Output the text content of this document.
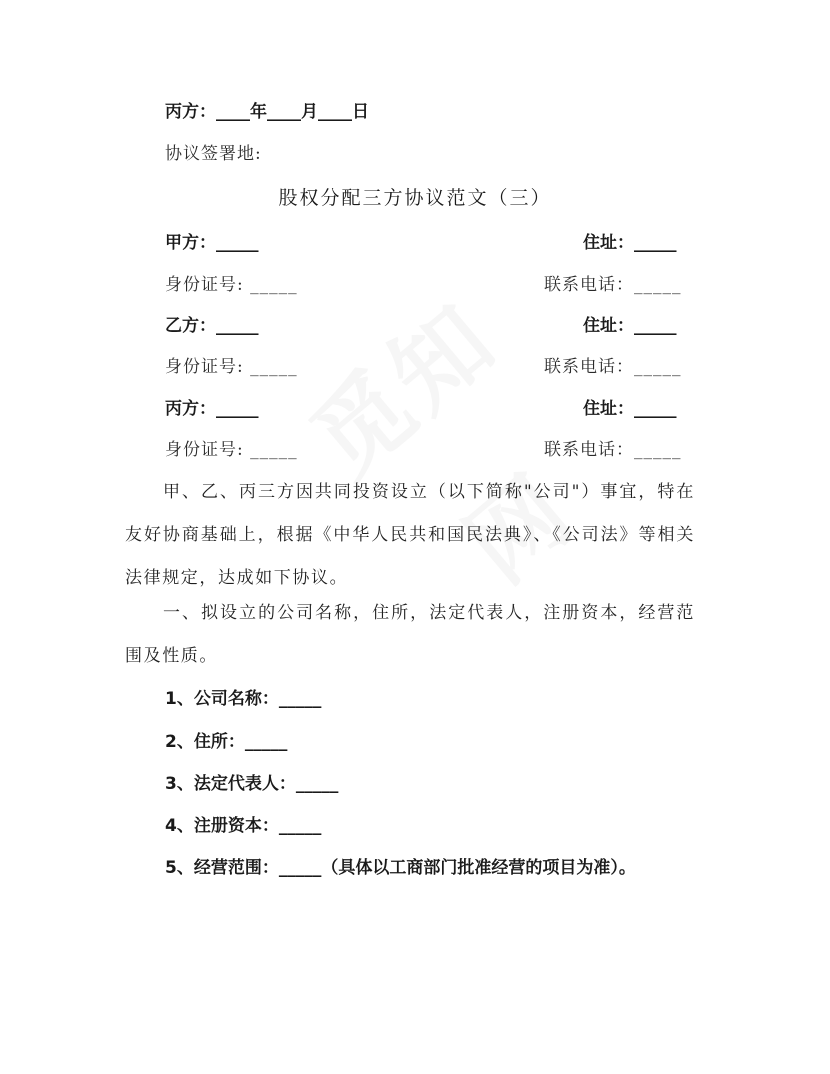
丙方：____年____月____日
协议签署地:
股权分配三方协议范文（三）
甲方：_____	住址：_____
身份证号: _____	联系电话：_____
乙方：_____	住址：_____
身份证号: _____	联系电话：_____
丙方：_____	住址：_____
身份证号: _____	联系电话：_____
甲、乙、丙三方因共同投资设立（以下简称"公司"）事宜，特在友好协商基础上，根据《中华人民共和国民法典》、《公司法》等相关法律规定，达成如下协议。
一、拟设立的公司名称，住所，法定代表人，注册资本，经营范围及性质。
1、公司名称：_____
2、住所：_____
3、法定代表人：_____
4、注册资本：_____
5、经营范围：_____（具体以工商部门批准经营的项目为准）。
